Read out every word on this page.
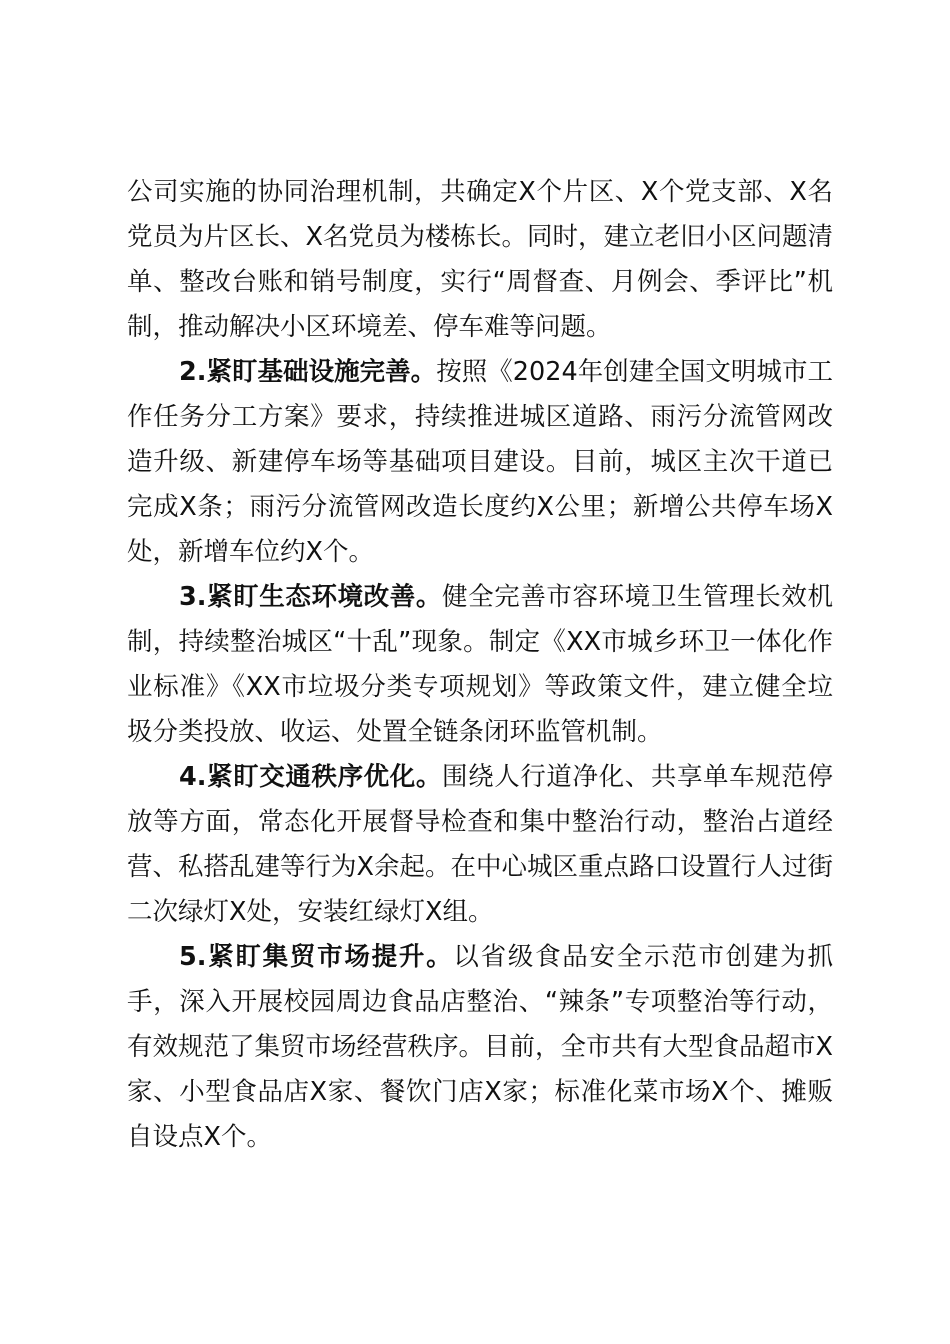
公司实施的协同治理机制，共确定X个片区、X个党支部、X名党员为片区长、X名党员为楼栋长。同时，建立老旧小区问题清单、整改台账和销号制度，实行“周督查、月例会、季评比”机制，推动解决小区环境差、停车难等问题。

2.紧盯基础设施完善。按照《2024年创建全国文明城市工作任务分工方案》要求，持续推进城区道路、雨污分流管网改造升级、新建停车场等基础项目建设。目前，城区主次干道已完成X条；雨污分流管网改造长度约X公里；新增公共停车场X处，新增车位约X个。

3.紧盯生态环境改善。健全完善市容环境卫生管理长效机制，持续整治城区“十乱”现象。制定《XX市城乡环卫一体化作业标准》《XX市垃圾分类专项规划》等政策文件，建立健全垃圾分类投放、收运、处置全链条闭环监管机制。

4.紧盯交通秩序优化。围绕人行道净化、共享单车规范停放等方面，常态化开展督导检查和集中整治行动，整治占道经营、私搭乱建等行为X余起。在中心城区重点路口设置行人过街二次绿灯X处，安装红绿灯X组。

5.紧盯集贸市场提升。以省级食品安全示范市创建为抓手，深入开展校园周边食品店整治、“辣条”专项整治等行动，有效规范了集贸市场经营秩序。目前，全市共有大型食品超市X家、小型食品店X家、餐饮门店X家；标准化菜市场X个、摊贩自设点X个。
